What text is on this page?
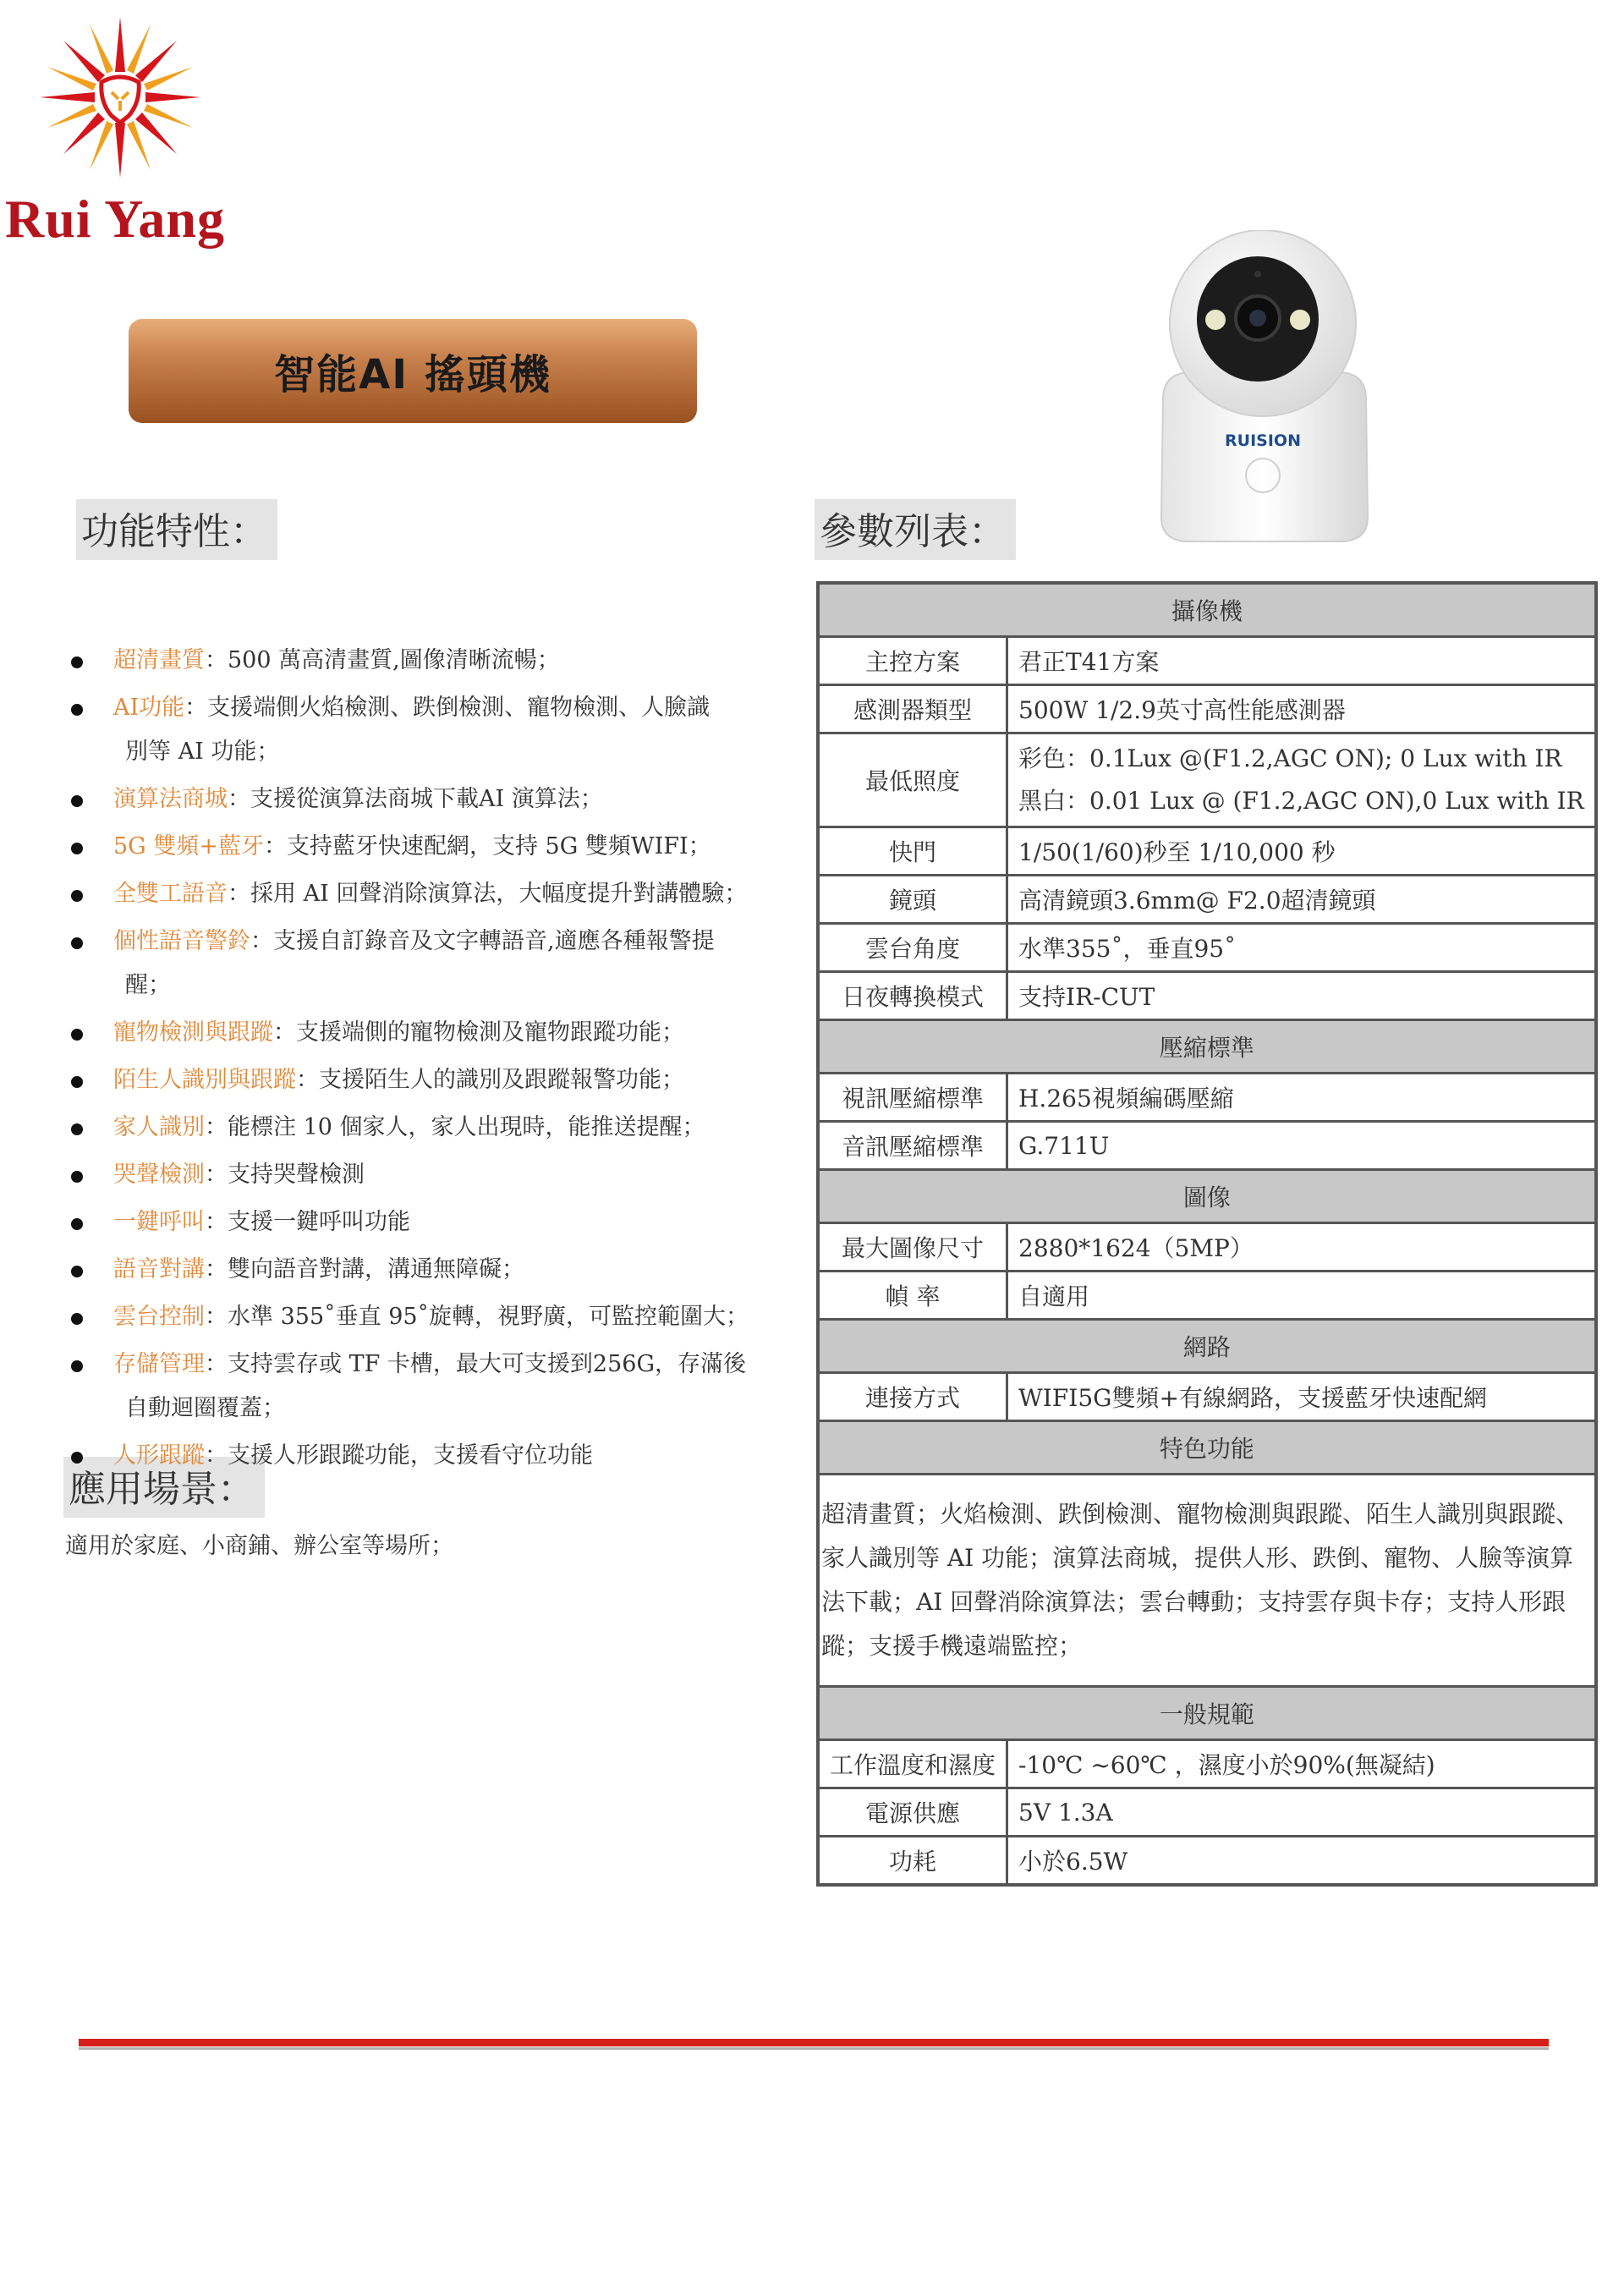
Rui Yang
智能AI 搖頭機
功能特性：	參數列表：
應用場景：
超清畫質：500 萬高清畫質,圖像清晰流暢；
AI功能：支援端側火焰檢測、跌倒檢測、寵物檢測、人臉識
別等 AI 功能；
演算法商城：支援從演算法商城下載AI 演算法；
5G 雙頻+藍牙：支持藍牙快速配網，支持 5G 雙頻WIFI；
全雙工語音：採用 AI 回聲消除演算法，大幅度提升對講體驗；
個性語音警鈴：支援自訂錄音及文字轉語音,適應各種報警提
醒；
寵物檢測與跟蹤：支援端側的寵物檢測及寵物跟蹤功能；
陌生人識別與跟蹤：支援陌生人的識別及跟蹤報警功能；
家人識別：能標注 10 個家人，家人出現時，能推送提醒；
哭聲檢測：支持哭聲檢測
一鍵呼叫：支援一鍵呼叫功能
語音對講：雙向語音對講，溝通無障礙；
雲台控制：水準 355˚垂直 95˚旋轉，視野廣，可監控範圍大；
存儲管理：支持雲存或 TF 卡槽，最大可支援到256G，存滿後
自動迴圈覆蓋；
人形跟蹤：支援人形跟蹤功能，支援看守位功能
適用於家庭、小商鋪、辦公室等場所；
RUISION
攝像機	
主控方案	君正T41方案
感測器類型	500W 1/2.9英寸高性能感測器
最低照度	彩色：0.1Lux @(F1.2,AGC ON); 0 Lux with IR
黑白：0.01 Lux @ (F1.2,AGC ON),0 Lux with IR

快門	1/50(1/60)秒至 1/10,000 秒
鏡頭	高清鏡頭3.6mm@ F2.0超清鏡頭
雲台角度	水準355˚，垂直95˚
日夜轉換模式	支持IR-CUT
壓縮標準	
視訊壓縮標準	H.265視頻編碼壓縮
音訊壓縮標準	G.711U
圖像	
最大圖像尺寸	2880*1624（5MP）
幀 率	自適用
網路	
連接方式	WIFI5G雙頻+有線網路，支援藍牙快速配網
特色功能	
超清畫質；火焰檢測、跌倒檢測、寵物檢測與跟蹤、陌生人識別與跟蹤、家人識別等 AI 功能；演算法商城，提供人形、跌倒、寵物、人臉等演算法下載；AI 回聲消除演算法；雲台轉動；支持雲存與卡存；支持人形跟蹤；支援手機遠端監控；	
一般規範	
工作溫度和濕度	-10℃ ~60℃ ，濕度小於90%(無凝結)
電源供應	5V 1.3A
功耗	小於6.5W
